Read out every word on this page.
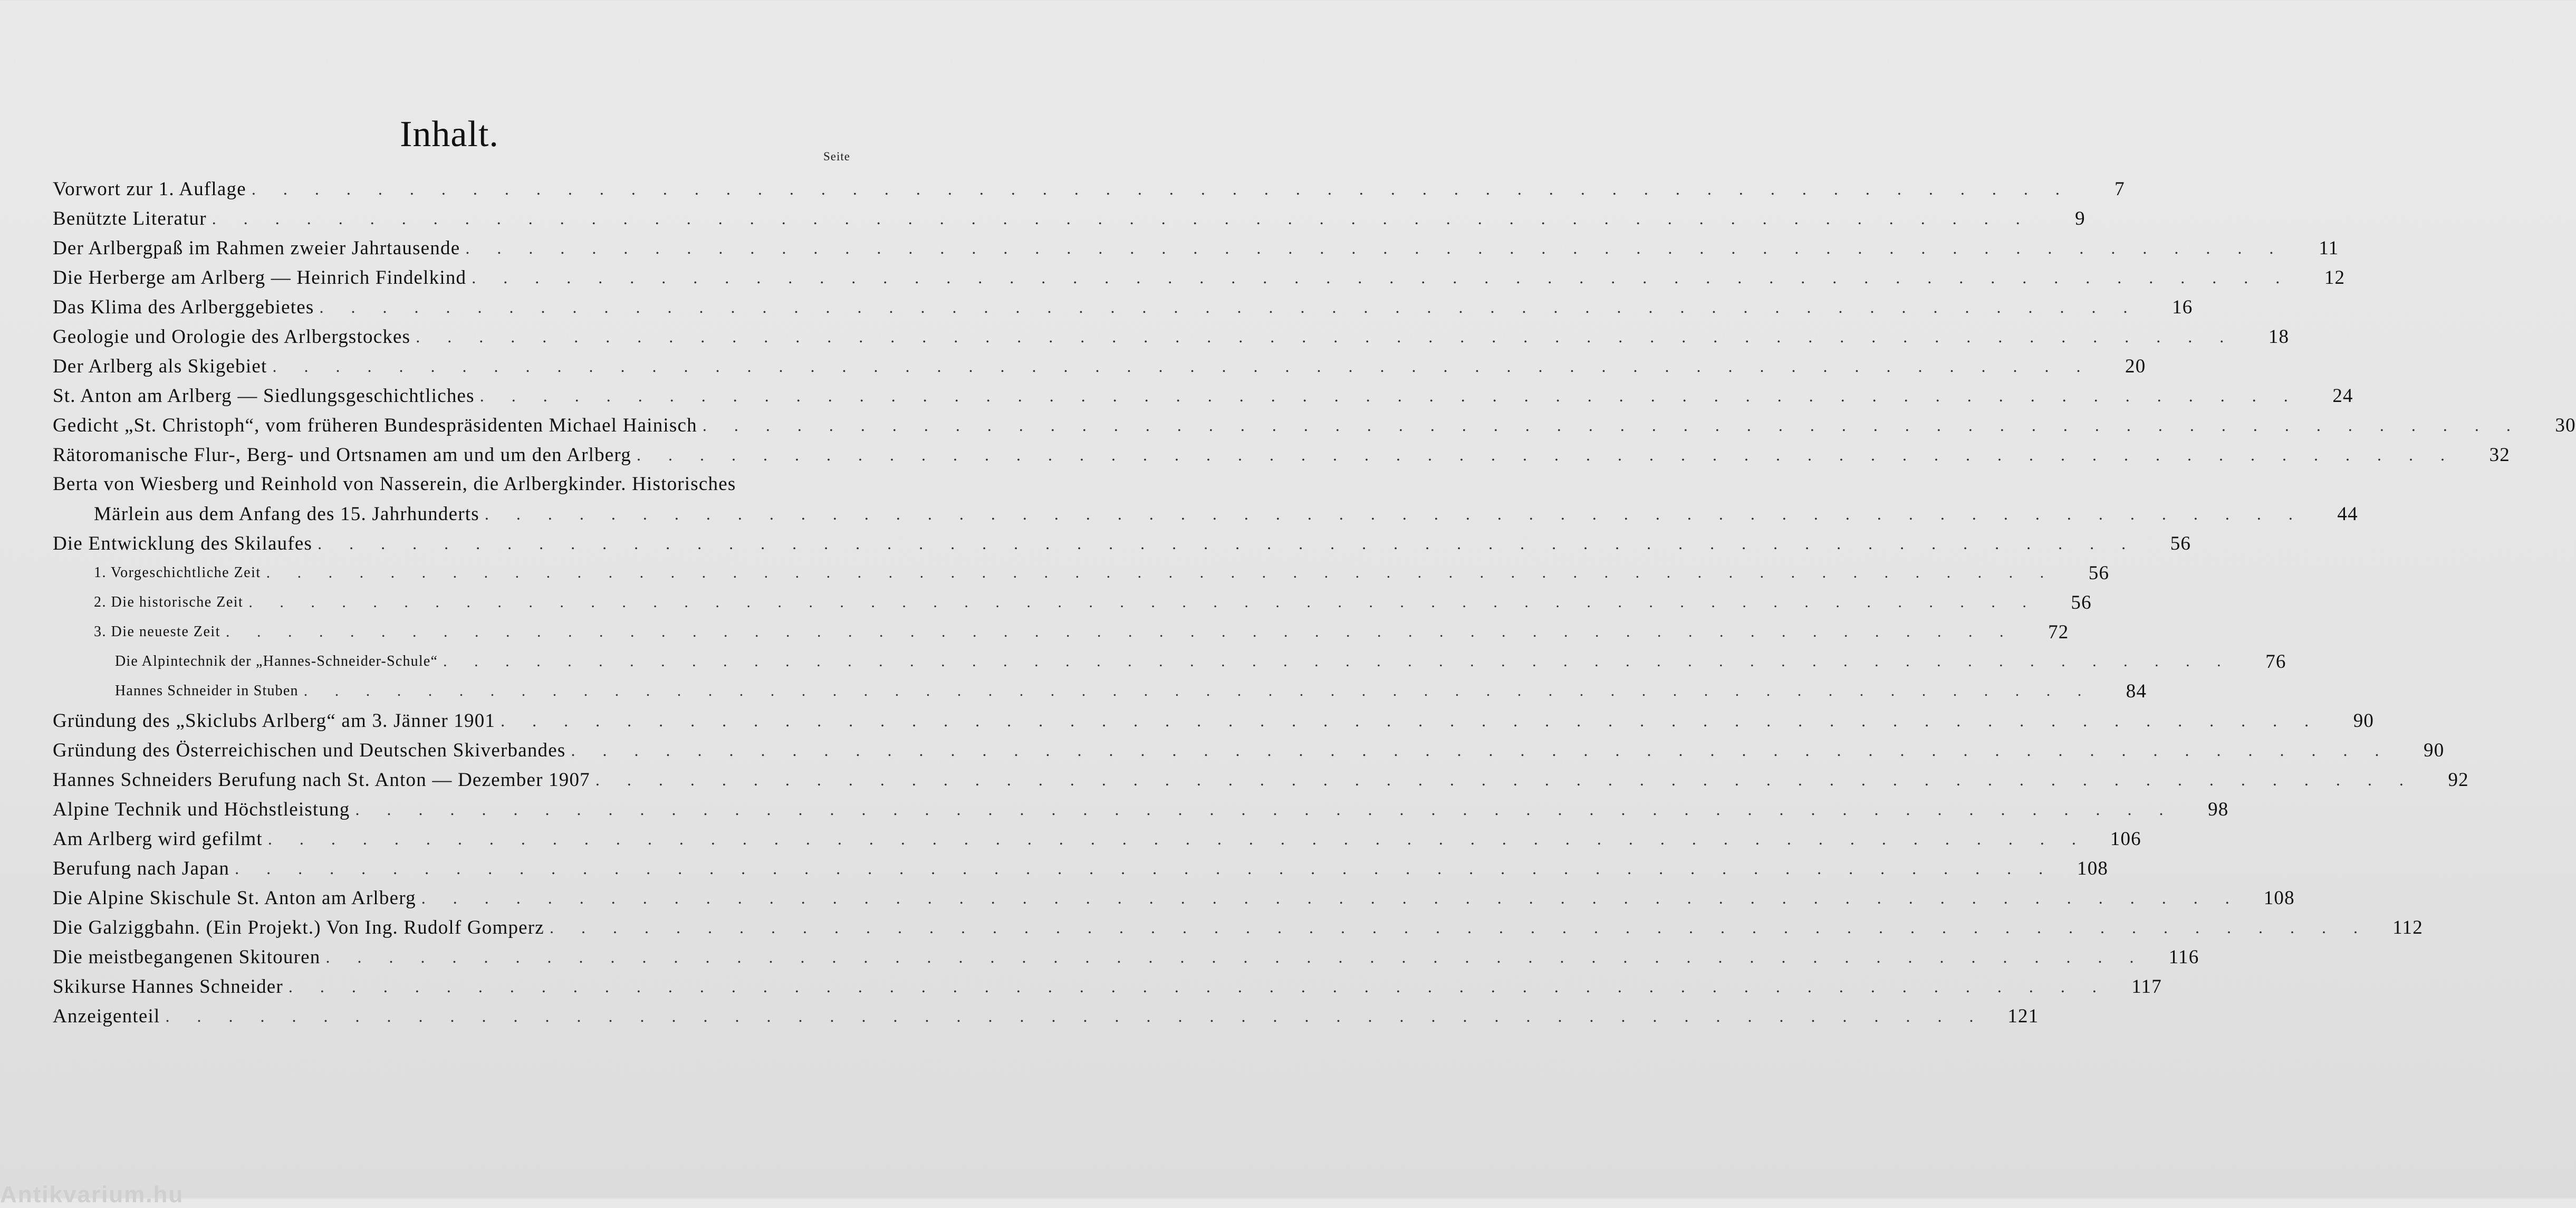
Inhalt.
Seite
Vorwort zur 1. Auflage . . . . . . . . . . . . . . . . . . . . . . . . . . . . . . . . . . . . . . . . . . . . . . . . . . . . . . . . . .	7
Benützte Literatur . . . . . . . . . . . . . . . . . . . . . . . . . . . . . . . . . . . . . . . . . . . . . . . . . . . . . . . . . .	9
Der Arlbergpaß im Rahmen zweier Jahrtausende . . . . . . . . . . . . . . . . . . . . . . . . . . . . . . . . . . . . . . . . . . . . . . . . . . . . . . . . . .	11
Die Herberge am Arlberg — Heinrich Findelkind . . . . . . . . . . . . . . . . . . . . . . . . . . . . . . . . . . . . . . . . . . . . . . . . . . . . . . . . . .	12
Das Klima des Arlberggebietes . . . . . . . . . . . . . . . . . . . . . . . . . . . . . . . . . . . . . . . . . . . . . . . . . . . . . . . . . .	16
Geologie und Orologie des Arlbergstockes . . . . . . . . . . . . . . . . . . . . . . . . . . . . . . . . . . . . . . . . . . . . . . . . . . . . . . . . . .	18
Der Arlberg als Skigebiet . . . . . . . . . . . . . . . . . . . . . . . . . . . . . . . . . . . . . . . . . . . . . . . . . . . . . . . . . .	20
St. Anton am Arlberg — Siedlungsgeschichtliches . . . . . . . . . . . . . . . . . . . . . . . . . . . . . . . . . . . . . . . . . . . . . . . . . . . . . . . . . .	24
Gedicht „St. Christoph“, vom früheren Bundespräsidenten Michael Hainisch . . . . . . . . . . . . . . . . . . . . . . . . . . . . . . . . . . . . . . . . . . . . . . . . . . . . . . . . . .	30
Rätoromanische Flur-, Berg- und Ortsnamen am und um den Arlberg . . . . . . . . . . . . . . . . . . . . . . . . . . . . . . . . . . . . . . . . . . . . . . . . . . . . . . . . . .	32
Berta von Wiesberg und Reinhold von Nasserein, die Arlbergkinder. Historisches
Märlein aus dem Anfang des 15. Jahrhunderts . . . . . . . . . . . . . . . . . . . . . . . . . . . . . . . . . . . . . . . . . . . . . . . . . . . . . . . . . .	44
Die Entwicklung des Skilaufes . . . . . . . . . . . . . . . . . . . . . . . . . . . . . . . . . . . . . . . . . . . . . . . . . . . . . . . . . .	56
1. Vorgeschichtliche Zeit . . . . . . . . . . . . . . . . . . . . . . . . . . . . . . . . . . . . . . . . . . . . . . . . . . . . . . . . . .	56
2. Die historische Zeit . . . . . . . . . . . . . . . . . . . . . . . . . . . . . . . . . . . . . . . . . . . . . . . . . . . . . . . . . .	56
3. Die neueste Zeit . . . . . . . . . . . . . . . . . . . . . . . . . . . . . . . . . . . . . . . . . . . . . . . . . . . . . . . . . .	72
Die Alpintechnik der „Hannes-Schneider-Schule“ . . . . . . . . . . . . . . . . . . . . . . . . . . . . . . . . . . . . . . . . . . . . . . . . . . . . . . . . . .	76
Hannes Schneider in Stuben . . . . . . . . . . . . . . . . . . . . . . . . . . . . . . . . . . . . . . . . . . . . . . . . . . . . . . . . . .	84
Gründung des „Skiclubs Arlberg“ am 3. Jänner 1901 . . . . . . . . . . . . . . . . . . . . . . . . . . . . . . . . . . . . . . . . . . . . . . . . . . . . . . . . . .	90
Gründung des Österreichischen und Deutschen Skiverbandes . . . . . . . . . . . . . . . . . . . . . . . . . . . . . . . . . . . . . . . . . . . . . . . . . . . . . . . . . .	90
Hannes Schneiders Berufung nach St. Anton — Dezember 1907 . . . . . . . . . . . . . . . . . . . . . . . . . . . . . . . . . . . . . . . . . . . . . . . . . . . . . . . . . .	92
Alpine Technik und Höchstleistung . . . . . . . . . . . . . . . . . . . . . . . . . . . . . . . . . . . . . . . . . . . . . . . . . . . . . . . . . .	98
Am Arlberg wird gefilmt . . . . . . . . . . . . . . . . . . . . . . . . . . . . . . . . . . . . . . . . . . . . . . . . . . . . . . . . . .	106
Berufung nach Japan . . . . . . . . . . . . . . . . . . . . . . . . . . . . . . . . . . . . . . . . . . . . . . . . . . . . . . . . . .	108
Die Alpine Skischule St. Anton am Arlberg . . . . . . . . . . . . . . . . . . . . . . . . . . . . . . . . . . . . . . . . . . . . . . . . . . . . . . . . . .	108
Die Galziggbahn. (Ein Projekt.) Von Ing. Rudolf Gomperz . . . . . . . . . . . . . . . . . . . . . . . . . . . . . . . . . . . . . . . . . . . . . . . . . . . . . . . . . .	112
Die meistbegangenen Skitouren . . . . . . . . . . . . . . . . . . . . . . . . . . . . . . . . . . . . . . . . . . . . . . . . . . . . . . . . . .	116
Skikurse Hannes Schneider . . . . . . . . . . . . . . . . . . . . . . . . . . . . . . . . . . . . . . . . . . . . . . . . . . . . . . . . . .	117
Anzeigenteil . . . . . . . . . . . . . . . . . . . . . . . . . . . . . . . . . . . . . . . . . . . . . . . . . . . . . . . . . .	121
Antikvarium.hu
